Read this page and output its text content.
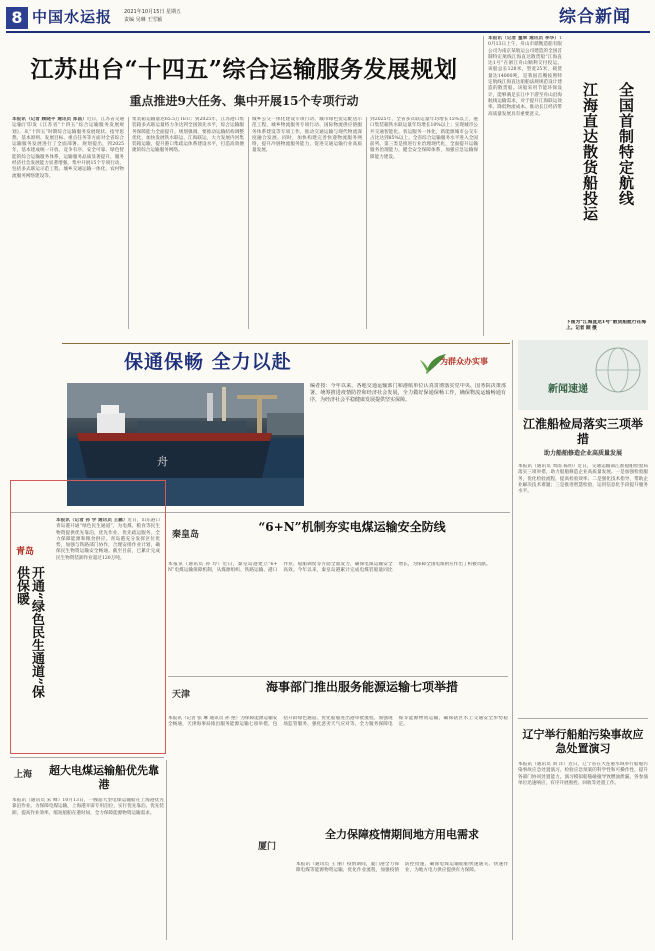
8 中国水运报 2021年10月15日 星期五
责编 吴琳 王雪颖	综合新闻
江苏出台“十四五”综合运输服务发展规划
重点推进9大任务、集中开展15个专项行动
本报讯（记者 顾晓平 通讯员 郑昌）近日，江苏省交通运输厅印发《江苏省“十四五”综合运输服务发展规划》，从“十四五”时期综合运输服务发展现状、指导思想、基本原则、发展目标、重点任务等方面对全省综合运输服务发展进行了全面部署。规划提出，到2025年，基本建成统一开放、竞争有序、安全可靠、绿色智能的综合运输服务体系，运输服务品质显著提升，服务经济社会发展能力显著增强。集中开展15个专项行动，包括多式联运示范工程、城乡交通运输一体化、农村物流服务网络建设等。
集装箱运输量达65.5万TEU；到2025年，江苏港口集装箱多式联运量将力争达到全国领先水平，综合运输服务保障能力全面提升。规划强调，要推动运输结构调整优化，加快发展铁水联运、江海联运，大力发展内河集装箱运输，提升港口集疏运体系建设水平，打造高效便捷的综合运输服务网络。
城乡公交一体化建设专项行动、城市绿色货运配送示范工程、城乡物流服务专项行动、国际物流供应链服务体系建设等专项工作，推动交通运输与现代物流深度融合发展。同时，加快构建完善快递物流服务网络，提升冷链物流服务能力，促进交通运输行业高质量发展。
到2025年，全省多式联运量年均增长15%以上，港口集装箱铁水联运量年均增长10%以上；实现城市公共交通智能化、客运服务一体化，新能源城市公交车占比达到85%以上。全省综合运输服务水平进入全国前列。第三类是推进行业治理现代化，全面提升运输服务治理能力，健全安全保障体系，加强应急运输保障能力建设。
本报讯（记者 董翠 通讯员 李华）10月13日上午，舟山市鼎衡造船有限公司为南京某航运公司建造的全国首制特定航线江海直达散货船“江海直达1号”在浙江舟山顺利交付投运。该船总长128米，型宽25米，载货量达14000吨，是我国首艘按照特定航线江海直达船舶法规规范设计建造的散货船。该船采用节能环保设计，能够满足长江中下游至舟山沿海航线运输需求，对于提升江海联运效率、降低物流成本、推动长江经济带高质量发展具有重要意义。	全国首制特定航线
江海直达散货船投运
下图为“江海直达1号”散货船航行在海上。记者 顾 摄
保通保畅 全力以赴	为群众办实事
舟
编者按：今年以来，各地交通运输部门和港航单位认真贯彻落实党中央、国务院决策部署，统筹推进疫情防控和经济社会发展，全力做好保通保畅工作，确保物流运输畅通有序，为经济社会平稳健康发展提供坚实保障。
青岛
开通“绿色民生通道”保供保暖
本报讯（记者 孙 学 通讯员 王鹏）近日，山东港口青岛港开通“绿色民生通道”，为电煤、粮食等民生物资提供优先靠泊、优先作业、优先疏运服务，全力保障能源和粮食供应。青岛港充分发挥区位优势，加强与铁路部门协作，合理安排作业计划，确保民生物资运输安全畅通。截至目前，已累计完成民生物资装卸作业超过120万吨。
秦皇岛
“6+N”机制夯实电煤运输安全防线
本报讯（通讯员 孙 玲）近日，秦皇岛港建立“6+N”电煤运输保障机制，从煤源组织、铁路运输、港口作业、船舶调度等方面全面发力，确保电煤运输安全高效。今年以来，秦皇岛港累计完成电煤装船量同比增长，为保障全国电煤供应作出了积极贡献。
天津
海事部门推出服务能源运输七项举措
本报讯（记者 张 琳 通讯员 孙 艳）为保障能源运输安全畅通，天津海事局推出服务能源运输七项举措，包括开辟绿色通道、优化船舶进出港审批流程、加强现场监管服务、强化恶劣天气应对等，全力服务保障电煤等能源物资运输，确保辖区水上交通安全形势稳定。
上海 超大电煤运输船优先靠港
本报讯（通讯员 宋 峰）10月13日，一艘超大型电煤运输船在上海港优先靠泊作业。为保障电煤运输，上海港开辟专用泊位，实行优先靠泊、优先装卸，提高作业效率，缩短船舶在港时间，全力保障能源物资运输需求。
厦门
全力保障疫情期间地方用电需求
本报讯（通讯员 王 丽）疫情期间，厦门港全力保障电煤等能源物资运输，优化作业流程，加强疫情防控措施，确保电煤运输船舶快速通关、快速作业，为地方电力供应提供有力保障。
新闻速递
江淮船检局落实三项举措
助力船舶修造企业高质量发展
本报讯（通讯员 周雨 陈明）近日，交通运输部江淮船舶检验局落实三项举措，助力船舶修造企业高质量发展。一是加强检验服务，优化检验流程，提高检验效率；二是强化技术指导，帮助企业解决技术难题；三是推进智慧检验，运用信息化手段提升服务水平。
辽宁举行船舶污染事故应急处置演习
本报讯（通讯员 刘 洋）近日，辽宁省在大连港水域举行船舶污染事故应急处置演习，检验应急预案的科学性和可操作性，提升各部门协同处置能力。演习模拟船舶碰撞导致燃油泄漏，各参演单位迅速响应，有序开展围控、回收等处置工作。
